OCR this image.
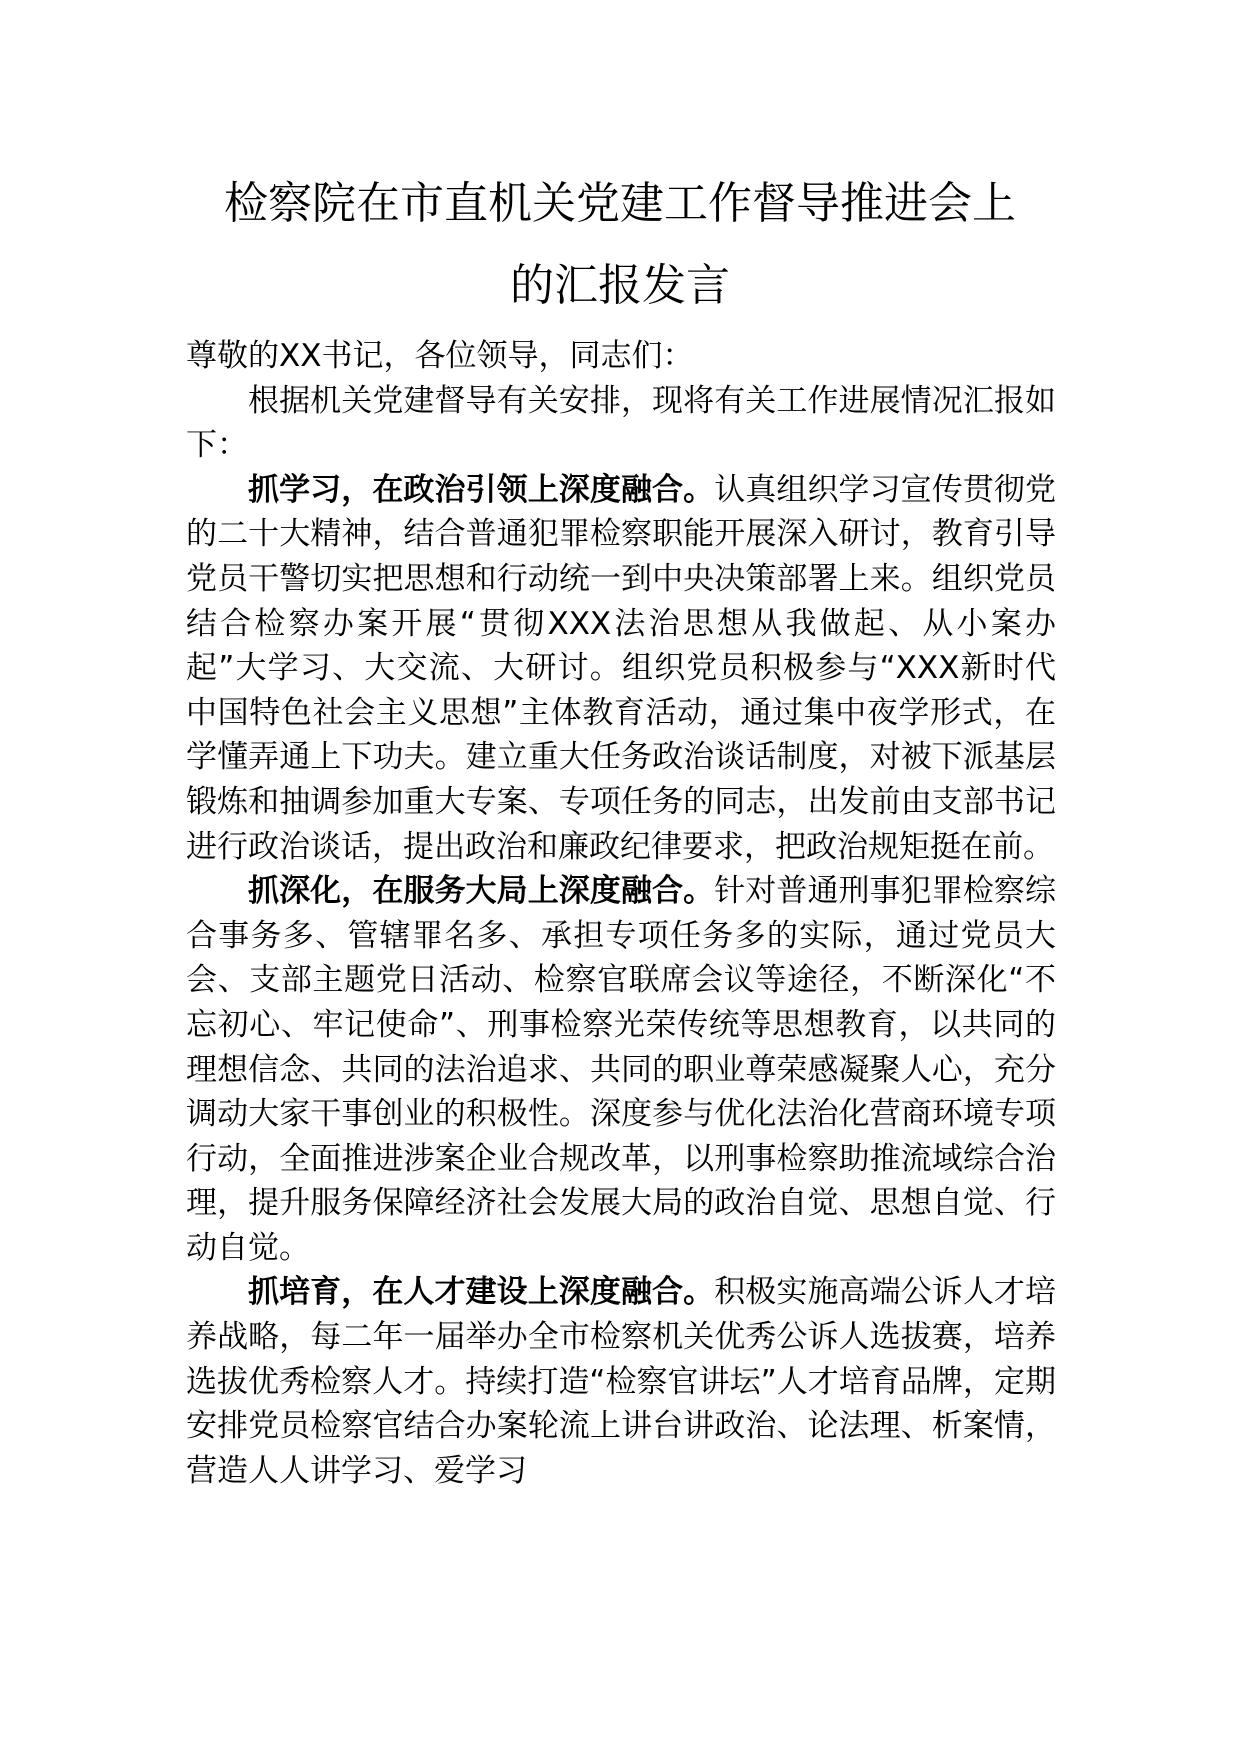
检察院在市直机关党建工作督导推进会上
的汇报发言

尊敬的XX书记，各位领导，同志们：

根据机关党建督导有关安排，现将有关工作进展情况汇报如下：

抓学习，在政治引领上深度融合。认真组织学习宣传贯彻党的二十大精神，结合普通犯罪检察职能开展深入研讨，教育引导党员干警切实把思想和行动统一到中央决策部署上来。组织党员结合检察办案开展“贯彻XXX法治思想从我做起、从小案办起”大学习、大交流、大研讨。组织党员积极参与“XXX新时代中国特色社会主义思想”主体教育活动，通过集中夜学形式，在学懂弄通上下功夫。建立重大任务政治谈话制度，对被下派基层锻炼和抽调参加重大专案、专项任务的同志，出发前由支部书记进行政治谈话，提出政治和廉政纪律要求，把政治规矩挺在前。

抓深化，在服务大局上深度融合。针对普通刑事犯罪检察综合事务多、管辖罪名多、承担专项任务多的实际，通过党员大会、支部主题党日活动、检察官联席会议等途径，不断深化“不忘初心、牢记使命”、刑事检察光荣传统等思想教育，以共同的理想信念、共同的法治追求、共同的职业尊荣感凝聚人心，充分调动大家干事创业的积极性。深度参与优化法治化营商环境专项行动，全面推进涉案企业合规改革，以刑事检察助推流域综合治理，提升服务保障经济社会发展大局的政治自觉、思想自觉、行动自觉。

抓培育，在人才建设上深度融合。积极实施高端公诉人才培养战略，每二年一届举办全市检察机关优秀公诉人选拔赛，培养选拔优秀检察人才。持续打造“检察官讲坛”人才培育品牌，定期安排党员检察官结合办案轮流上讲台讲政治、论法理、析案情，营造人人讲学习、爱学习
